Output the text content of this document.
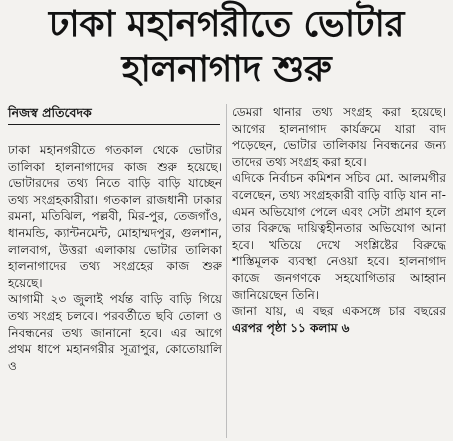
ঢাকা মহানগরীতে ভোটার
হালনাগাদ শুরু
নিজস্ব প্রতিবেদক

ঢাকা মহানগরীতে গতকাল থেকে ভোটার তালিকা হালনাগাদের কাজ শুরু হয়েছে। ভোটারদের তথ্য নিতে বাড়ি বাড়ি যাচ্ছেন তথ্য সংগ্রহকারীরা। গতকাল রাজধানী ঢাকার রমনা, মতিঝিল, পল্লবী, মির-পুর, তেজগাঁও, ধানমন্ডি, ক্যান্টনমেন্ট, মোহাম্মদপুর, গুলশান, লালবাগ, উত্তরা এলাকায় ভোটার তালিকা হালনাগাদের তথ্য সংগ্রহের কাজ শুরু হয়েছে।

আগামী ২৩ জুলাই পর্যন্ত বাড়ি বাড়ি গিয়ে তথ্য সংগ্রহ চলবে। পরবর্তীতে ছবি তোলা ও নিবন্ধনের তথ্য জানানো হবে। এর আগে প্রথম ধাপে মহানগরীর সূত্রাপুর, কোতোয়ালি ও

ডেমরা থানার তথ্য সংগ্রহ করা হয়েছে। আগের হালনাগাদ কার্যক্রমে যারা বাদ পড়েছেন, ভোটার তালিকায় নিবন্ধনের জন্য তাদের তথ্য সংগ্রহ করা হবে।

এদিকে নির্বাচন কমিশন সচিব মো. আলমগীর বলেছেন, তথ্য সংগ্রহকারী বাড়ি বাড়ি যান না-এমন অভিযোগ পেলে এবং সেটা প্রমাণ হলে তার বিরুদ্ধে দায়িত্বহীনতার অভিযোগ আনা হবে। খতিয়ে দেখে সংশ্লিষ্টের বিরুদ্ধে শাস্তিমূলক ব্যবস্থা নেওয়া হবে। হালনাগাদ কাজে জনগণকে সহযোগিতার আহ্বান জানিয়েছেন তিনি।

জানা যায়, এ বছর একসঙ্গে চার বছরের এরপর পৃষ্ঠা ১১ কলাম ৬
